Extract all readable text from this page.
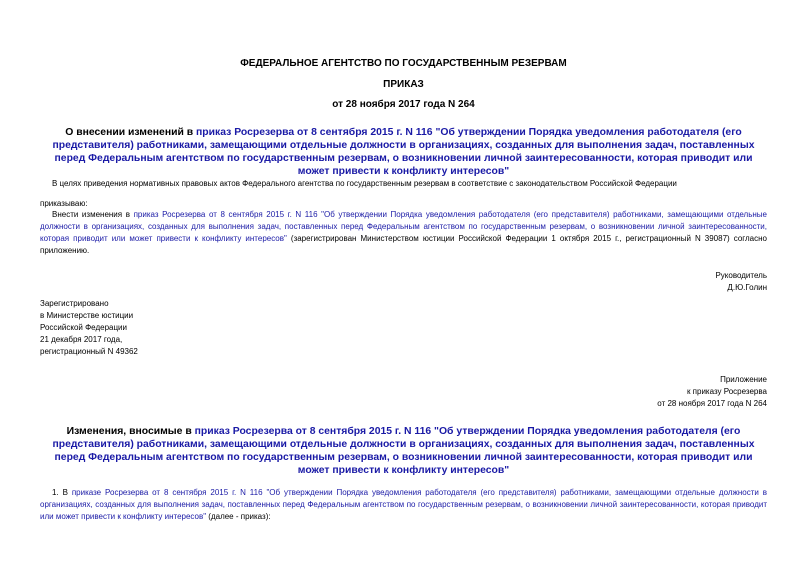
ФЕДЕРАЛЬНОЕ АГЕНТСТВО ПО ГОСУДАРСТВЕННЫМ РЕЗЕРВАМ
ПРИКАЗ
от 28 ноября 2017 года N 264
О внесении изменений в приказ Росрезерва от 8 сентября 2015 г. N 116 "Об утверждении Порядка уведомления работодателя (его представителя) работниками, замещающими отдельные должности в организациях, созданных для выполнения задач, поставленных перед Федеральным агентством по государственным резервам, о возникновении личной заинтересованности, которая приводит или может привести к конфликту интересов"
В целях приведения нормативных правовых актов Федерального агентства по государственным резервам в соответствие с законодательством Российской Федерации
приказываю:
Внести изменения в приказ Росрезерва от 8 сентября 2015 г. N 116 "Об утверждении Порядка уведомления работодателя (его представителя) работниками, замещающими отдельные должности в организациях, созданных для выполнения задач, поставленных перед Федеральным агентством по государственным резервам, о возникновении личной заинтересованности, которая приводит или может привести к конфликту интересов" (зарегистрирован Министерством юстиции Российской Федерации 1 октября 2015 г., регистрационный N 39087) согласно приложению.

Руководитель

Д.Ю.Голин

Зарегистрировано

в Министерстве юстиции

Российской Федерации

21 декабря 2017 года,

регистрационный N 49362

Приложение

к приказу Росрезерва

от 28 ноября 2017 года N 264

Изменения, вносимые в приказ Росрезерва от 8 сентября 2015 г. N 116 "Об утверждении Порядка уведомления работодателя (его представителя) работниками, замещающими отдельные должности в организациях, созданных для выполнения задач, поставленных перед Федеральным агентством по государственным резервам, о возникновении личной заинтересованности, которая приводит или может привести к конфликту интересов"
1. В приказе Росрезерва от 8 сентября 2015 г. N 116 "Об утверждении Порядка уведомления работодателя (его представителя) работниками, замещающими отдельные должности в организациях, созданных для выполнения задач, поставленных перед Федеральным агентством по государственным резервам, о возникновении личной заинтересованности, которая приводит или может привести к конфликту интересов" (далее - приказ):
